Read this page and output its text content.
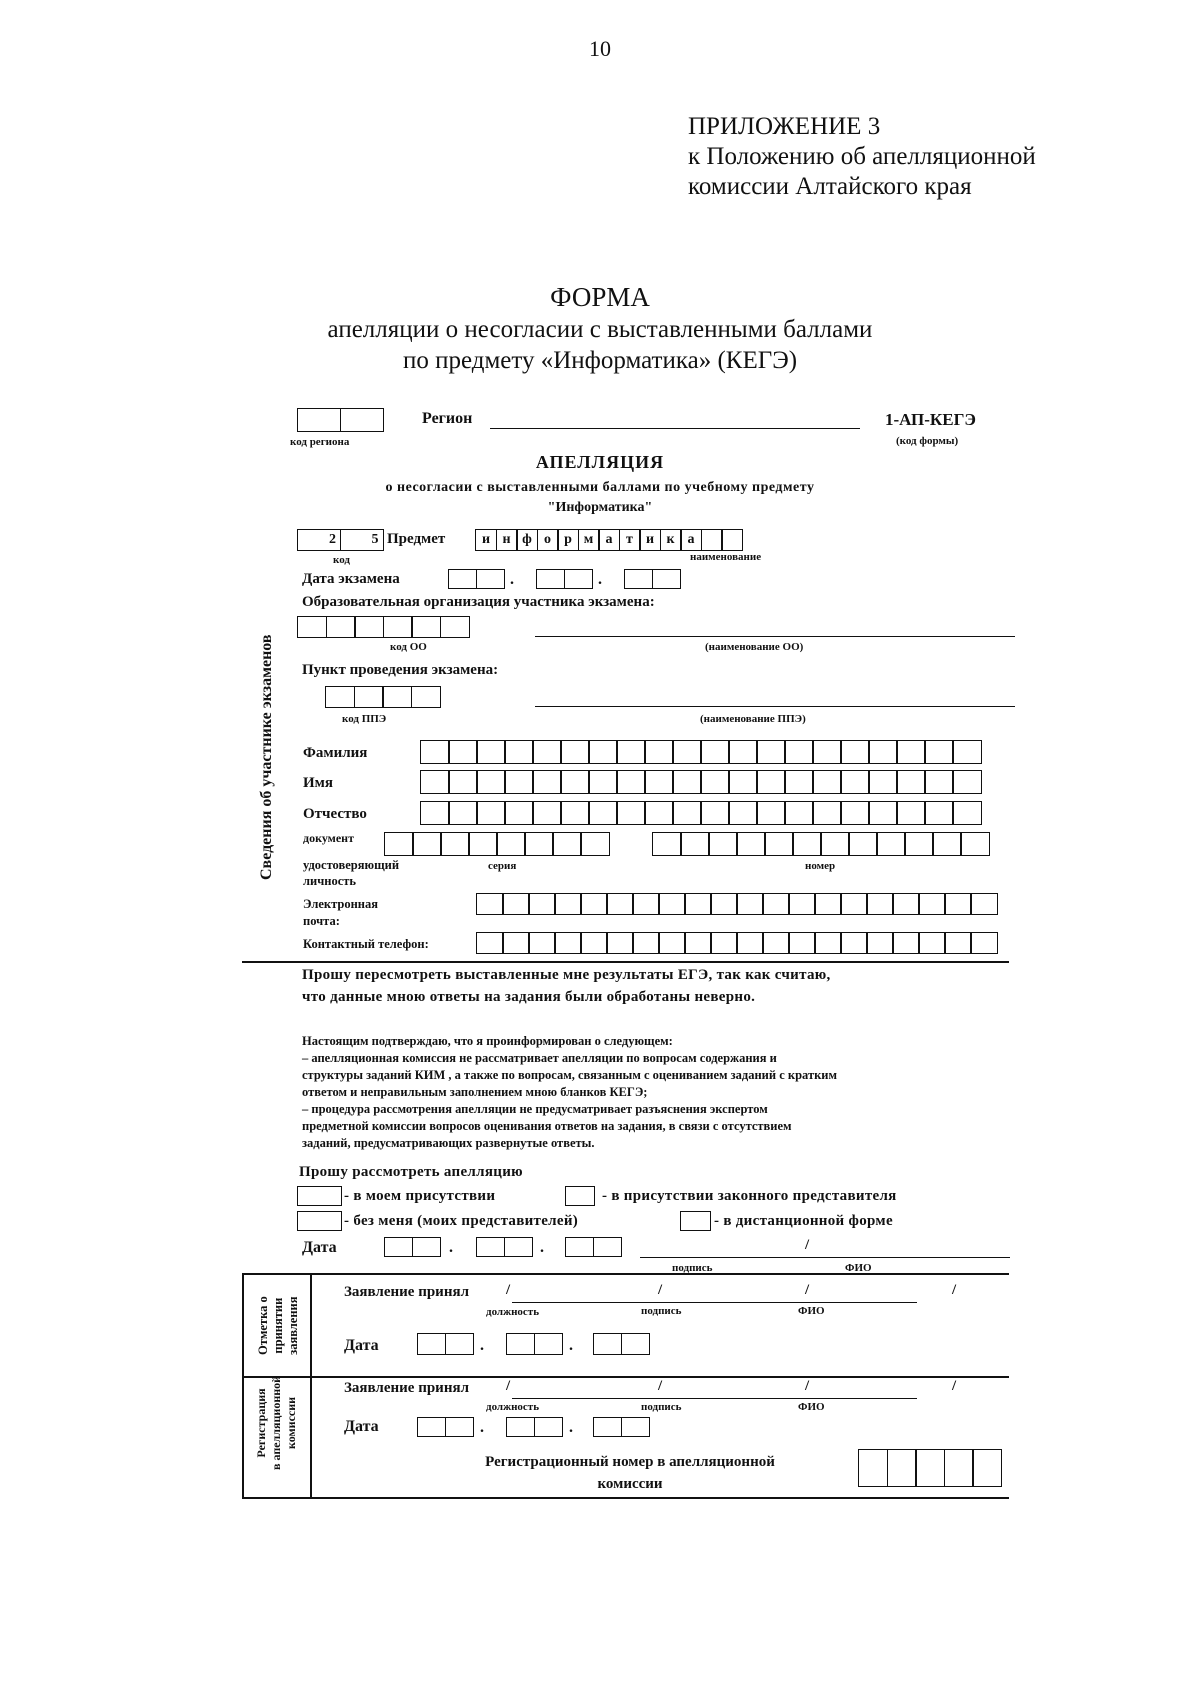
10
ПРИЛОЖЕНИЕ 3
к Положению об апелляционной
комиссии Алтайского края
ФОРМА
апелляции о несогласии с выставленными баллами
по предмету «Информатика» (КЕГЭ)
код региона
Регион	1-АП-КЕГЭ
(код формы)
АПЕЛЛЯЦИЯ
о несогласии с выставленными баллами по учебному предмету
"Информатика"
2	5 Предмет	и н ф о р м а т и к а
код	наименование
Дата экзамена	.	.
Образовательная организация участника экзамена:
код ОО	(наименование ОО)
Пункт проведения экзамена:
код ППЭ	(наименование ППЭ)
Сведения об участнике экзаменов Фамилия
Имя
Отчество
документ
удостоверяющий
личность
серия	номер
Электронная
почта:
Контактный телефон:
Прошу пересмотреть выставленные мне результаты ЕГЭ, так как считаю,
что данные мною ответы на задания были обработаны неверно.
Настоящим подтверждаю, что я проинформирован о следующем:
– апелляционная комиссия не рассматривает апелляции по вопросам содержания и
структуры заданий КИМ , а также по вопросам, связанным с оцениванием заданий с кратким
ответом и неправильным заполнением мною бланков КЕГЭ;
– процедура рассмотрения апелляции не предусматривает разъяснения экспертом
предметной комиссии вопросов оценивания ответов на задания, в связи с отсутствием
заданий, предусматривающих развернутые ответы.
Прошу рассмотреть апелляцию
- в моем присутствии	- в присутствии законного представителя
- без меня (моих представителей)	- в дистанционной форме
Дата	.	.	/
подпись	ФИО
Отметка о принятии заявления
Заявление принял /	/	/	/
должность	подпись	ФИО
Дата	.	.
Регистрация в апелляционной комиссии
Заявление принял /	/	/	/
должность	подпись	ФИО
Дата	.	.
Регистрационный номер в апелляционной
комиссии
